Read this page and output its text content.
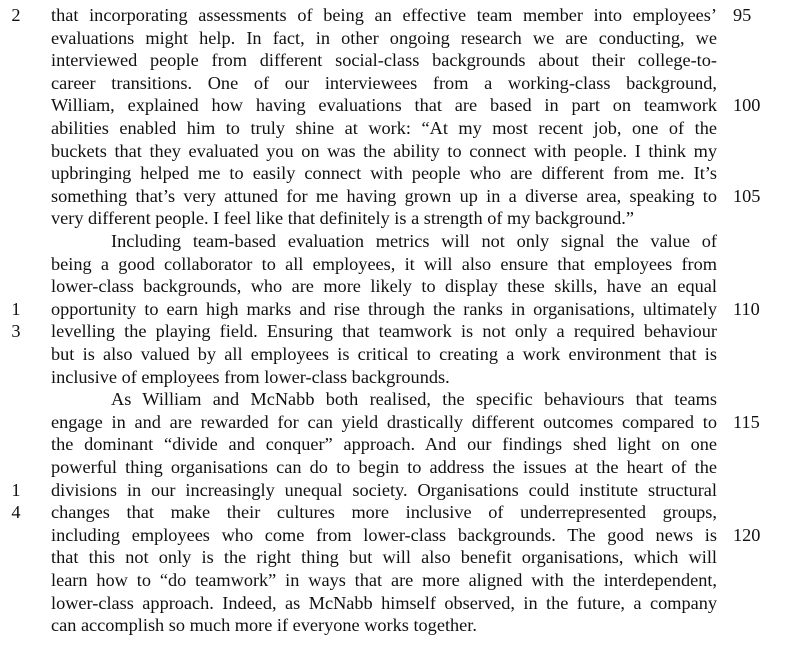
that incorporating assessments of being an effective team member into employees’
evaluations might help. In fact, in other ongoing research we are conducting, we
interviewed people from different social-class backgrounds about their college-to-
career transitions. One of our interviewees from a working-class background,
William, explained how having evaluations that are based in part on teamwork
abilities enabled him to truly shine at work: “At my most recent job, one of the
buckets that they evaluated you on was the ability to connect with people. I think my
upbringing helped me to easily connect with people who are different from me. It’s
something that’s very attuned for me having grown up in a diverse area, speaking to
very different people. I feel like that definitely is a strength of my background.”
Including team-based evaluation metrics will not only signal the value of
being a good collaborator to all employees, it will also ensure that employees from
lower-class backgrounds, who are more likely to display these skills, have an equal
opportunity to earn high marks and rise through the ranks in organisations, ultimately
levelling the playing field. Ensuring that teamwork is not only a required behaviour
but is also valued by all employees is critical to creating a work environment that is
inclusive of employees from lower-class backgrounds.
As William and McNabb both realised, the specific behaviours that teams
engage in and are rewarded for can yield drastically different outcomes compared to
the dominant “divide and conquer” approach. And our findings shed light on one
powerful thing organisations can do to begin to address the issues at the heart of the
divisions in our increasingly unequal society. Organisations could institute structural
changes that make their cultures more inclusive of underrepresented groups,
including employees who come from lower-class backgrounds. The good news is
that this not only is the right thing but will also benefit organisations, which will
learn how to “do teamwork” in ways that are more aligned with the interdependent,
lower-class approach. Indeed, as McNabb himself observed, in the future, a company
can accomplish so much more if everyone works together.
95
100
105
110
115
120
2
1
3
1
4
